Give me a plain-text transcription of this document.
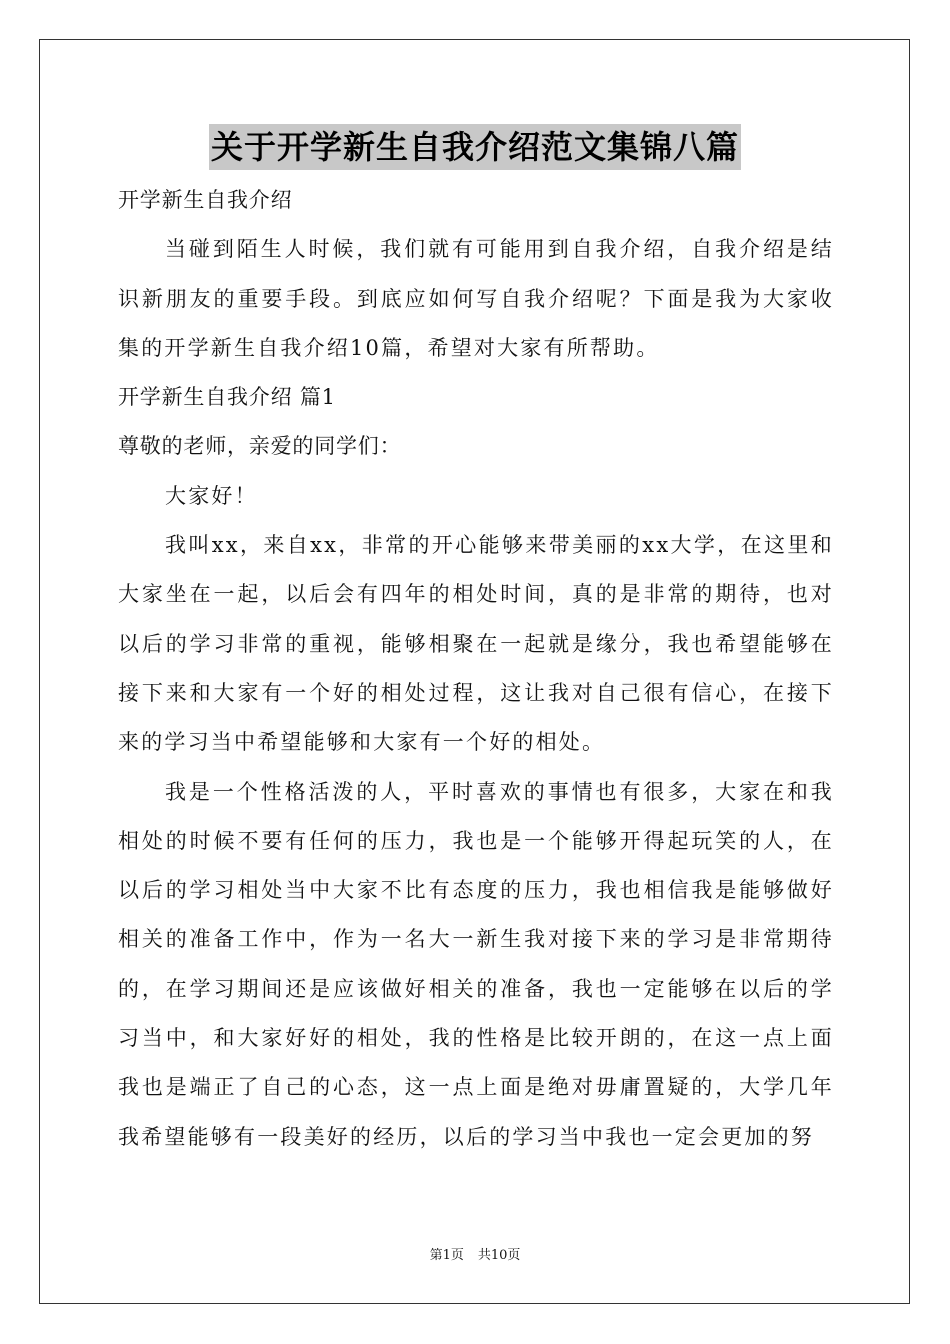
关于开学新生自我介绍范文集锦八篇

开学新生自我介绍

当碰到陌生人时候，我们就有可能用到自我介绍，自我介绍是结识新朋友的重要手段。到底应如何写自我介绍呢？下面是我为大家收集的开学新生自我介绍10篇，希望对大家有所帮助。

开学新生自我介绍 篇1

尊敬的老师，亲爱的同学们：

大家好！

我叫xx，来自xx，非常的开心能够来带美丽的xx大学，在这里和大家坐在一起，以后会有四年的相处时间，真的是非常的期待，也对以后的学习非常的重视，能够相聚在一起就是缘分，我也希望能够在接下来和大家有一个好的相处过程，这让我对自己很有信心，在接下来的学习当中希望能够和大家有一个好的相处。

我是一个性格活泼的人，平时喜欢的事情也有很多，大家在和我相处的时候不要有任何的压力，我也是一个能够开得起玩笑的人，在以后的学习相处当中大家不比有态度的压力，我也相信我是能够做好相关的准备工作中，作为一名大一新生我对接下来的学习是非常期待的，在学习期间还是应该做好相关的准备，我也一定能够在以后的学习当中，和大家好好的相处，我的性格是比较开朗的，在这一点上面我也是端正了自己的心态，这一点上面是绝对毋庸置疑的，大学几年我希望能够有一段美好的经历，以后的学习当中我也一定会更加的努

第1页 共10页
